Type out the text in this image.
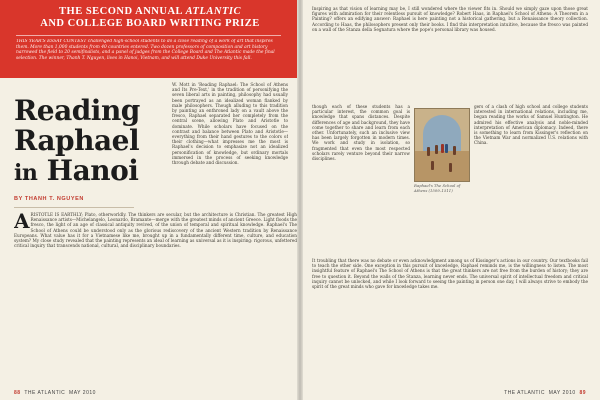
THE SECOND ANNUAL ATLANTIC
AND COLLEGE BOARD WRITING PRIZE
THIS YEAR'S ESSAY CONTEST challenged high-school students to do a close reading of a work of art that inspires them. More than 1,000 students from 40 countries entered. Two dozen professors of composition and art history narrowed the field to 20 semifinalists, and a panel of judges from the College Board and The Atlantic made the final selection. The winner, Thanh T. Nguyen, lives in Hanoi, Vietnam, and will attend Duke University this fall.
Reading
Raphael
in Hanoi
BY THANH T. NGUYEN
A RISTOTLE IS EARTHLY; Plato, otherworldly. The thinkers are secular, but the architecture is Christian. The greatest High Renaissance artists—Michelangelo, Leonardo, Bramante—merge with the greatest minds of ancient Greece. Light floods the fresco, the light of an age of classical antiquity revived, of the union of temporal and spiritual knowledge. Raphael's The School of Athens could be understood only as the glorious rediscovery of the ancient Western tradition by Renaissance Europeans. What value has it for a Vietnamese like me, brought up in a fundamentally different time, culture, and education system? My close study revealed that the painting represents an ideal of learning as universal as it is inspiring: rigorous, unfettered critical inquiry that transcends national, cultural, and disciplinary boundaries.
W. Mott in 'Reading Raphael: The School of Athens and Its Pre-Text,' in the tradition of personifying the seven liberal arts in painting, philosophy had usually been portrayed as an idealized woman flanked by male philosophers. Though alluding to this tradition by painting an enthroned lady on a vault above the fresco, Raphael separated her completely from the central scene, allowing Plato and Aristotle to dominate. While scholars have focused on the contrast and balance between Plato and Aristotle—everything from their hand gestures to the colors of their clothing—what impresses me the most is Raphael's decision to emphasize not an idealized personification of knowledge, but ordinary mortals immersed in the process of seeking knowledge through debate and discussion.
Inspiring as that vision of learning may be, I still wondered where the viewer fits in. Should we simply gaze upon those great figures with admiration for their relentless pursuit of knowledge? Robert Haas, in Raphael's School of Athens: A Theorem in a Painting? offers an edifying answer: Raphael is here painting not a historical gathering, but a Renaissance theory collection. According to Haas, the philosophers present only their books. I find this interpretation intuitive, because the fresco was painted on a wall of the Stanza della Segnatura where the pope's personal library was housed.
though each of these students has a particular interest, the common goal is knowledge that spans distances. Despite differences of age and background, they have come together to share and learn from each other. Unfortunately, such an inclusive view has been largely forgotten in modern times. We work and study in isolation, so fragmented that even the most respected scholars rarely venture beyond their narrow disciplines.
Raphael's The School of Athens (1509–1511)
gers of a clash of high school and college students interested in international relations, including me, began reading the works of Samuel Huntington. He admired his effective analysis and noble-minded interpretation of American diplomacy. Indeed, there is something to learn from Kissinger's reflection on the Vietnam War and normalized U.S. relations with China.
It troubling that there was no debate or even acknowledgment among us of Kissinger's actions in our country. Our textbooks fail to teach the other side. One exception in this pursuit of knowledge, Raphael reminds me, is the willingness to listen. The most insightful feature of Raphael's The School of Athens is that the great thinkers are not free from the burden of history; they are free to question it. Beyond the walls of the Stanza, learning never ends. The universal spirit of intellectual freedom and critical inquiry cannot be unlocked, and while I look forward to seeing the painting in person one day, I will always strive to embody the spirit of the great minds who gave for knowledge takes me.
88 THE ATLANTIC MAY 2010	THE ATLANTIC MAY 2010 89
